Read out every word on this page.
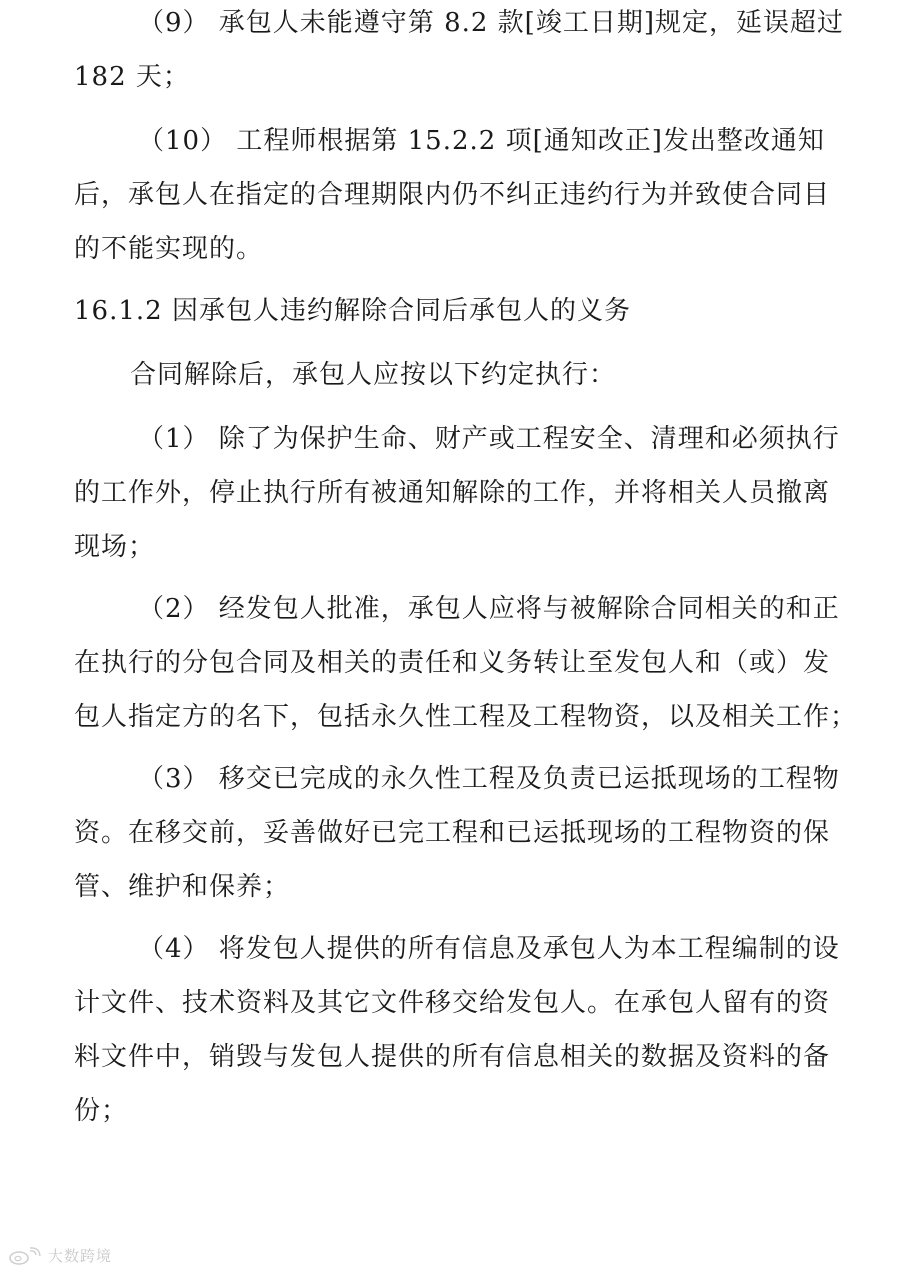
（9） 承包人未能遵守第 8.2 款[竣工日期]规定，延误超过
182 天；
（10） 工程师根据第 15.2.2 项[通知改正]发出整改通知
后，承包人在指定的合理期限内仍不纠正违约行为并致使合同目
的不能实现的。
16.1.2 因承包人违约解除合同后承包人的义务
合同解除后，承包人应按以下约定执行：
（1） 除了为保护生命、财产或工程安全、清理和必须执行
的工作外，停止执行所有被通知解除的工作，并将相关人员撤离
现场；
（2） 经发包人批准，承包人应将与被解除合同相关的和正
在执行的分包合同及相关的责任和义务转让至发包人和（或）发
包人指定方的名下，包括永久性工程及工程物资，以及相关工作；
（3） 移交已完成的永久性工程及负责已运抵现场的工程物
资。在移交前，妥善做好已完工程和已运抵现场的工程物资的保
管、维护和保养；
（4） 将发包人提供的所有信息及承包人为本工程编制的设
计文件、技术资料及其它文件移交给发包人。在承包人留有的资
料文件中，销毁与发包人提供的所有信息相关的数据及资料的备
份；
大数跨境
